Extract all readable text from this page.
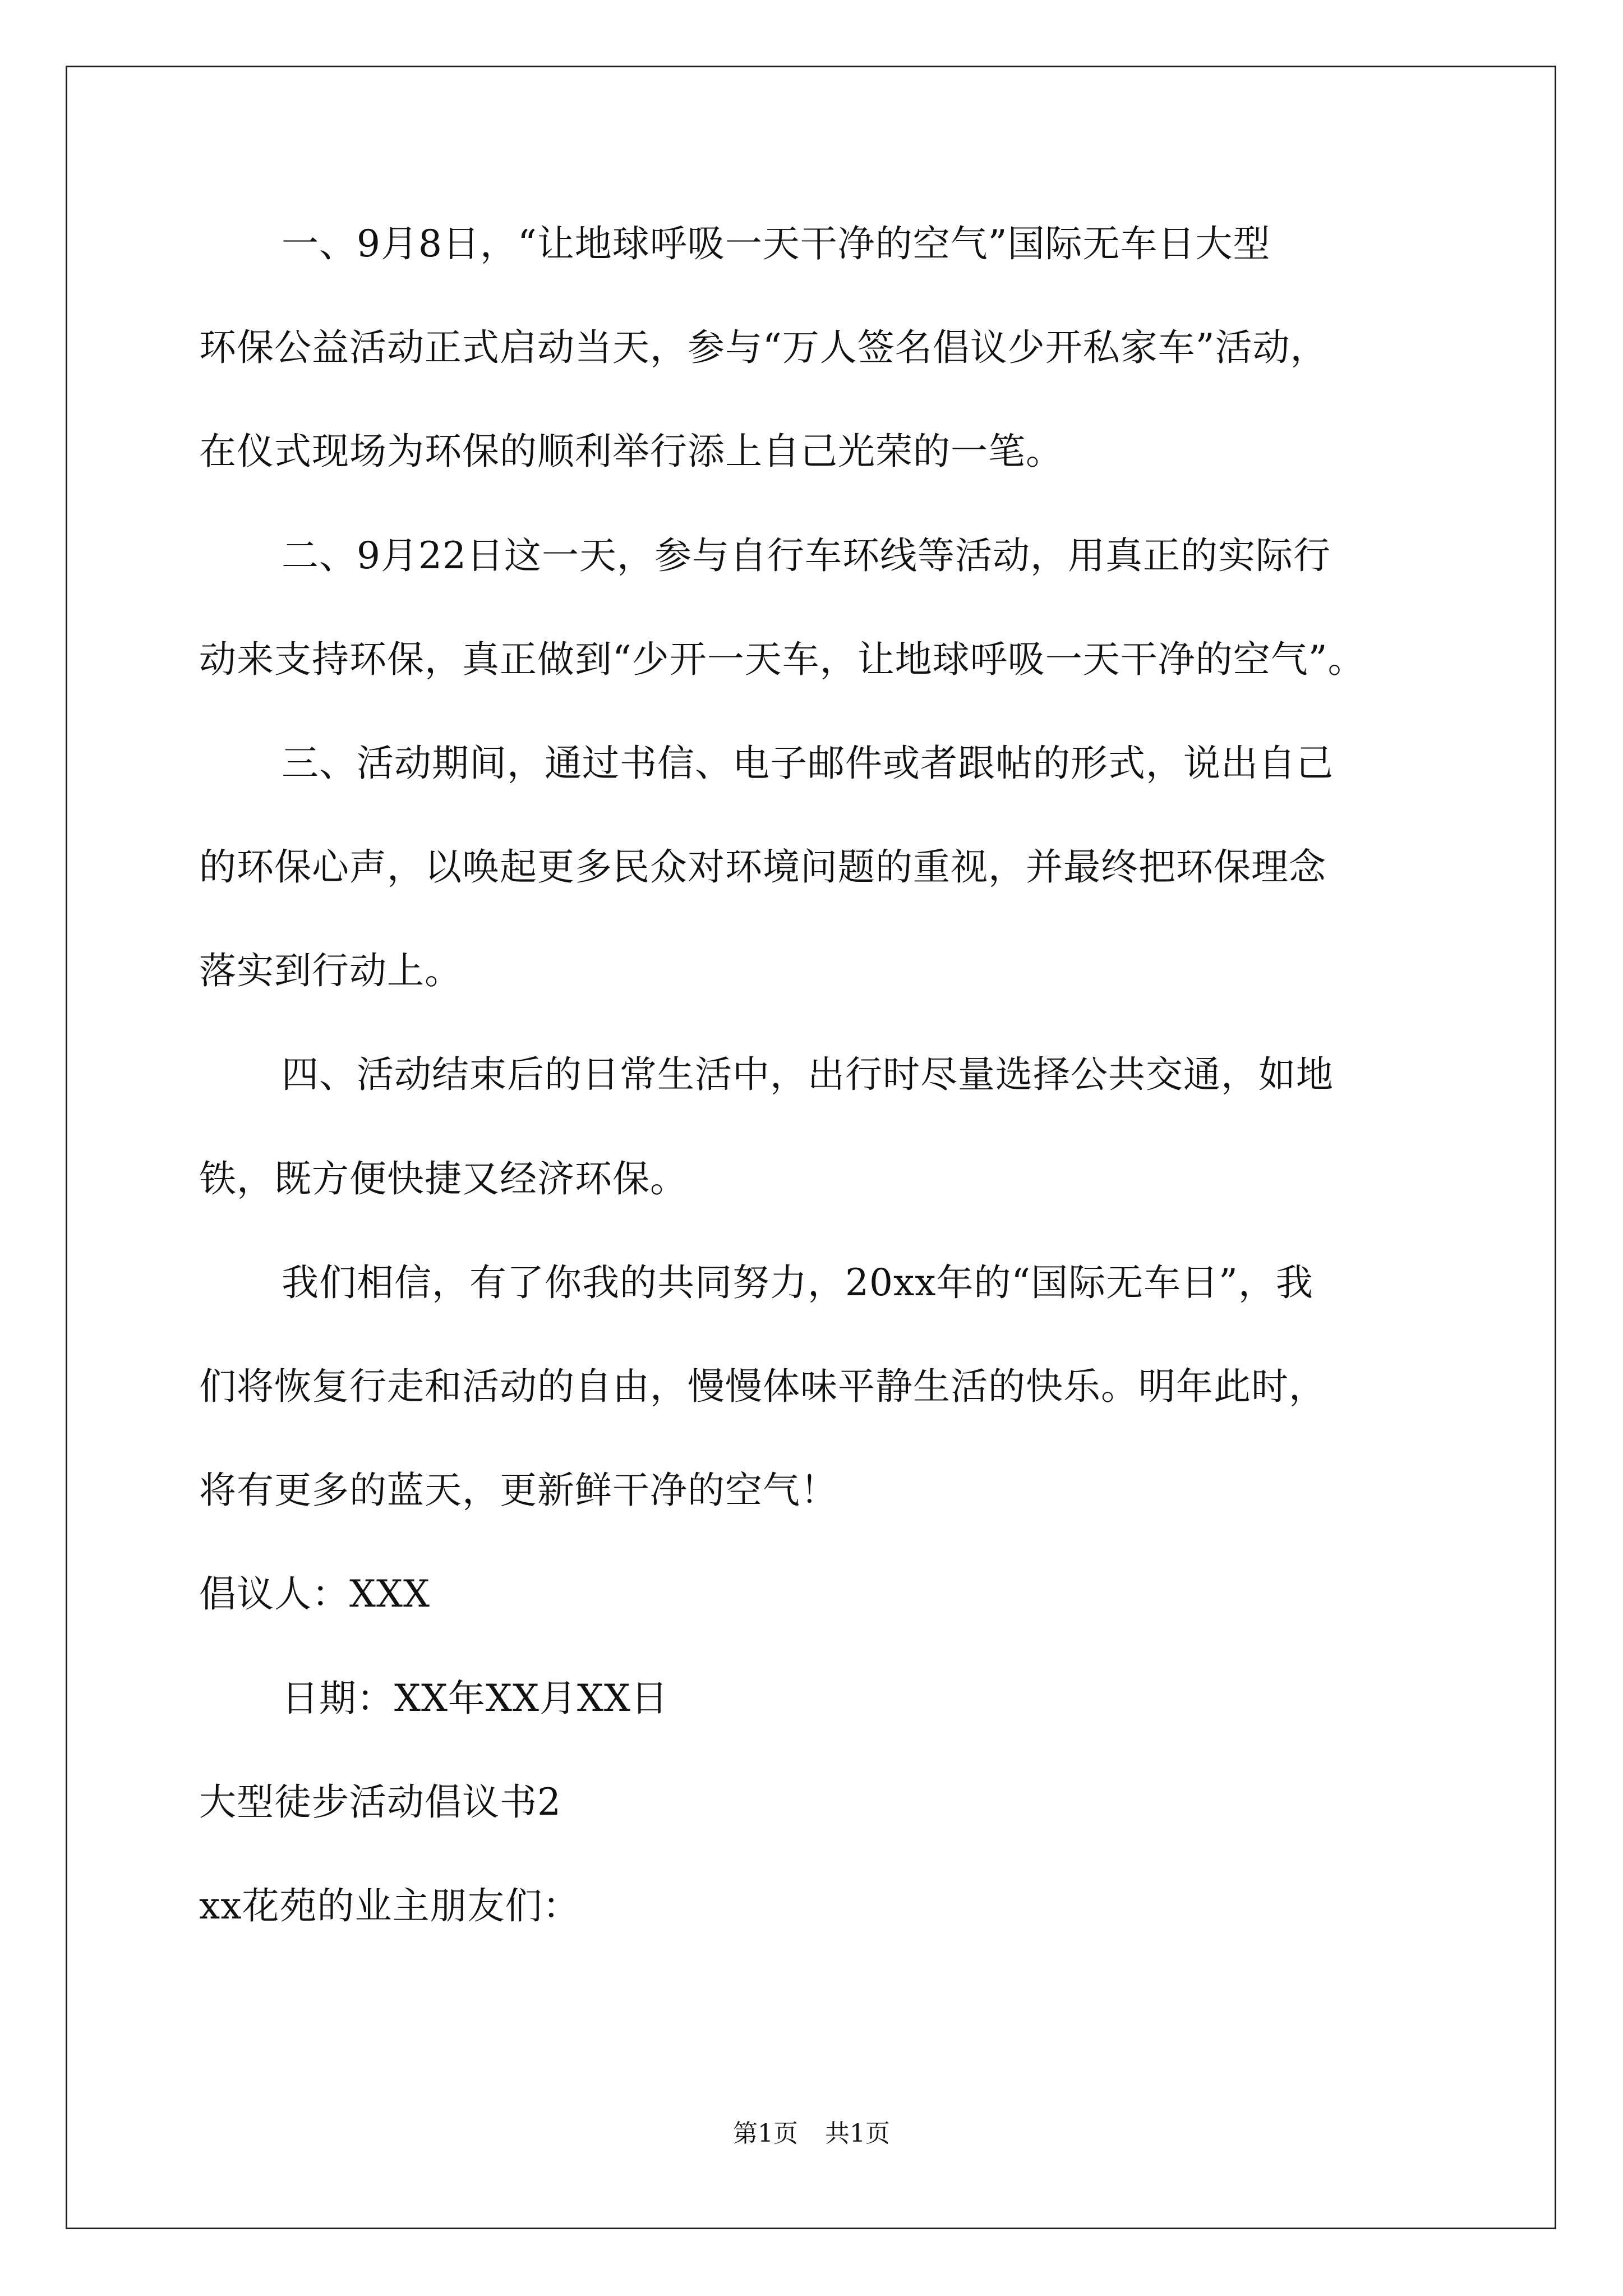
一、9月8日，“让地球呼吸一天干净的空气”国际无车日大型
环保公益活动正式启动当天，参与“万人签名倡议少开私家车”活动，
在仪式现场为环保的顺利举行添上自己光荣的一笔。
二、9月22日这一天，参与自行车环线等活动，用真正的实际行
动来支持环保，真正做到“少开一天车，让地球呼吸一天干净的空气”。
三、活动期间，通过书信、电子邮件或者跟帖的形式，说出自己
的环保心声，以唤起更多民众对环境问题的重视，并最终把环保理念
落实到行动上。
四、活动结束后的日常生活中，出行时尽量选择公共交通，如地
铁，既方便快捷又经济环保。
我们相信，有了你我的共同努力，20xx年的“国际无车日”，我
们将恢复行走和活动的自由，慢慢体味平静生活的快乐。明年此时，
将有更多的蓝天，更新鲜干净的空气！
倡议人：XXX
日期：XX年XX月XX日
大型徒步活动倡议书2
xx花苑的业主朋友们：
第1页 共1页
